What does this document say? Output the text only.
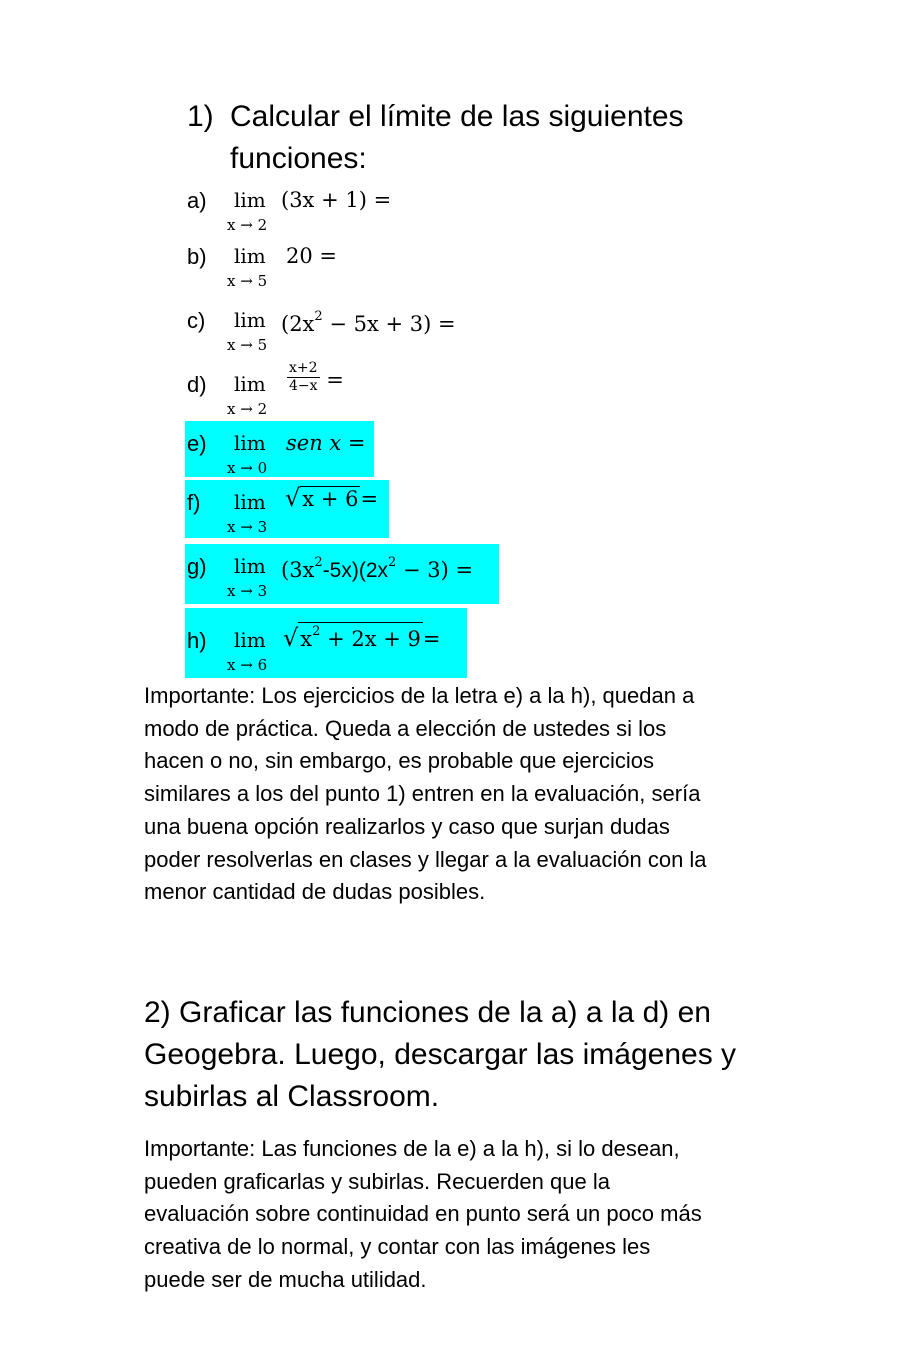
1) Calcular el límite de las siguientes
funciones:
a) lim
x → 2
(3x + 1) =
b) lim
x → 5
20 =
c) lim
x → 5
$(2x^2 - 5x + 3)$ =
d) lim
x → 2
$\frac{x+2}{4-x}$ =
e) lim
x → 0
sen x =
f) lim
x → 3
√x + 6=
g) lim
x → 3
$(3x^2-5x)(2x^2 - 3)$ =
h) lim
x → 6
$√x^2 + 2x + 9=$
Importante: Los ejercicios de la letra e) a la h), quedan a
modo de práctica. Queda a elección de ustedes si los
hacen o no, sin embargo, es probable que ejercicios
similares a los del punto 1) entren en la evaluación, sería
una buena opción realizarlos y caso que surjan dudas
poder resolverlas en clases y llegar a la evaluación con la
menor cantidad de dudas posibles.
2) Graficar las funciones de la a) a la d) en
Geogebra. Luego, descargar las imágenes y
subirlas al Classroom.
Importante: Las funciones de la e) a la h), si lo desean,
pueden graficarlas y subirlas. Recuerden que la
evaluación sobre continuidad en punto será un poco más
creativa de lo normal, y contar con las imágenes les
puede ser de mucha utilidad.
